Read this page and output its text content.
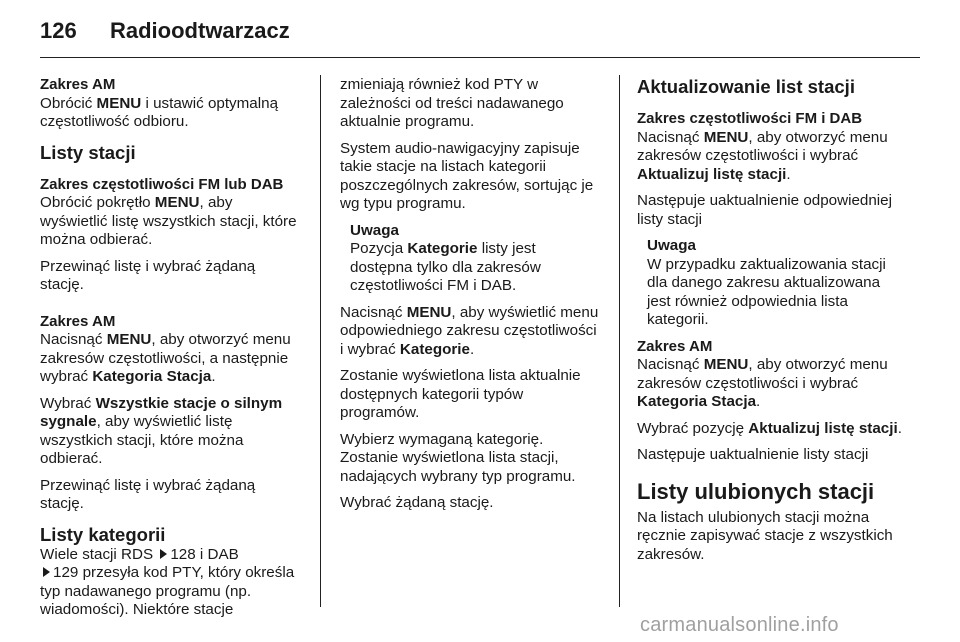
126 Radioodtwarzacz
Zakres AM
Obrócić MENU i ustawić optymalną częstotliwość odbioru.
Listy stacji
Zakres częstotliwości FM lub DAB
Obrócić pokrętło MENU, aby wyświetlić listę wszystkich stacji, które można odbierać.
Przewinąć listę i wybrać żądaną stację.
Zakres AM
Nacisnąć MENU, aby otworzyć menu zakresów częstotliwości, a następnie wybrać Kategoria Stacja.
Wybrać Wszystkie stacje o silnym sygnale, aby wyświetlić listę wszystkich stacji, które można odbierać.
Przewinąć listę i wybrać żądaną stację.
Listy kategorii
Wiele stacji RDS 128 i DAB
129 przesyła kod PTY, który określa typ nadawanego programu (np. wiadomości). Niektóre stacje
zmieniają również kod PTY w zależności od treści nadawanego aktualnie programu.
System audio-nawigacyjny zapisuje takie stacje na listach kategorii poszczególnych zakresów, sortując je wg typu programu.
Uwaga
Pozycja Kategorie listy jest dostępna tylko dla zakresów częstotliwości FM i DAB.
Nacisnąć MENU, aby wyświetlić menu odpowiedniego zakresu częstotliwości i wybrać Kategorie.
Zostanie wyświetlona lista aktualnie dostępnych kategorii typów programów.
Wybierz wymaganą kategorię. Zostanie wyświetlona lista stacji, nadających wybrany typ programu.
Wybrać żądaną stację.
Aktualizowanie list stacji
Zakres częstotliwości FM i DAB
Nacisnąć MENU, aby otworzyć menu zakresów częstotliwości i wybrać Aktualizuj listę stacji.
Następuje uaktualnienie odpowiedniej listy stacji
Uwaga
W przypadku zaktualizowania stacji dla danego zakresu aktualizowana jest również odpowiednia lista kategorii.
Zakres AM
Nacisnąć MENU, aby otworzyć menu zakresów częstotliwości i wybrać Kategoria Stacja.
Wybrać pozycję Aktualizuj listę stacji.
Następuje uaktualnienie listy stacji
Listy ulubionych stacji
Na listach ulubionych stacji można ręcznie zapisywać stacje z wszystkich zakresów.
carmanualsonline.info
